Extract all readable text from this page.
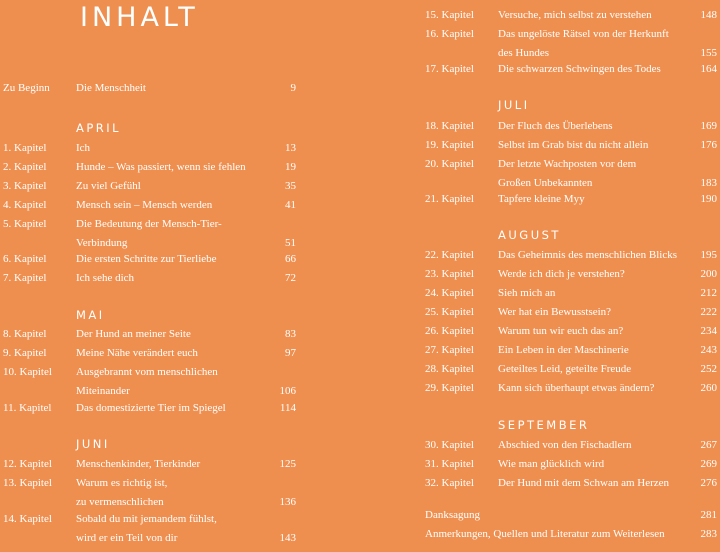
INHALT
Zu Beginn Die Menschheit	9
APRIL
1. Kapitel	Ich	13
2. Kapitel	Hunde – Was passiert, wenn sie fehlen	19
3. Kapitel	Zu viel Gefühl	35
4. Kapitel	Mensch sein – Mensch werden	41
5. Kapitel	Die Bedeutung der Mensch-Tier-
Verbindung	51
6. Kapitel	Die ersten Schritte zur Tierliebe	66
7. Kapitel	Ich sehe dich	72
MAI
8. Kapitel	Der Hund an meiner Seite	83
9. Kapitel	Meine Nähe verändert euch	97
10. Kapitel Ausgebrannt vom menschlichen
Miteinander	106
11. Kapitel Das domestizierte Tier im Spiegel	114
JUNI
12. Kapitel Menschenkinder, Tierkinder	125
13. Kapitel Warum es richtig ist,
zu vermenschlichen	136
14. Kapitel Sobald du mit jemandem fühlst,
wird er ein Teil von dir	143
15. Kapitel Versuche, mich selbst zu verstehen	148
16. Kapitel Das ungelöste Rätsel von der Herkunft
des Hundes	155
17. Kapitel Die schwarzen Schwingen des Todes	164
JULI
18. Kapitel Der Fluch des Überlebens	169
19. Kapitel Selbst im Grab bist du nicht allein	176
20. Kapitel Der letzte Wachposten vor dem
Großen Unbekannten	183
21. Kapitel Tapfere kleine Myy	190
AUGUST
22. Kapitel Das Geheimnis des menschlichen Blicks	195
23. Kapitel Werde ich dich je verstehen?	200
24. Kapitel Sieh mich an	212
25. Kapitel Wer hat ein Bewusstsein?	222
26. Kapitel Warum tun wir euch das an?	234
27. Kapitel Ein Leben in der Maschinerie	243
28. Kapitel Geteiltes Leid, geteilte Freude	252
29. Kapitel Kann sich überhaupt etwas ändern?	260
SEPTEMBER
30. Kapitel Abschied von den Fischadlern	267
31. Kapitel Wie man glücklich wird	269
32. Kapitel Der Hund mit dem Schwan am Herzen	276
Danksagung	281
Anmerkungen, Quellen und Literatur zum Weiterlesen	283
